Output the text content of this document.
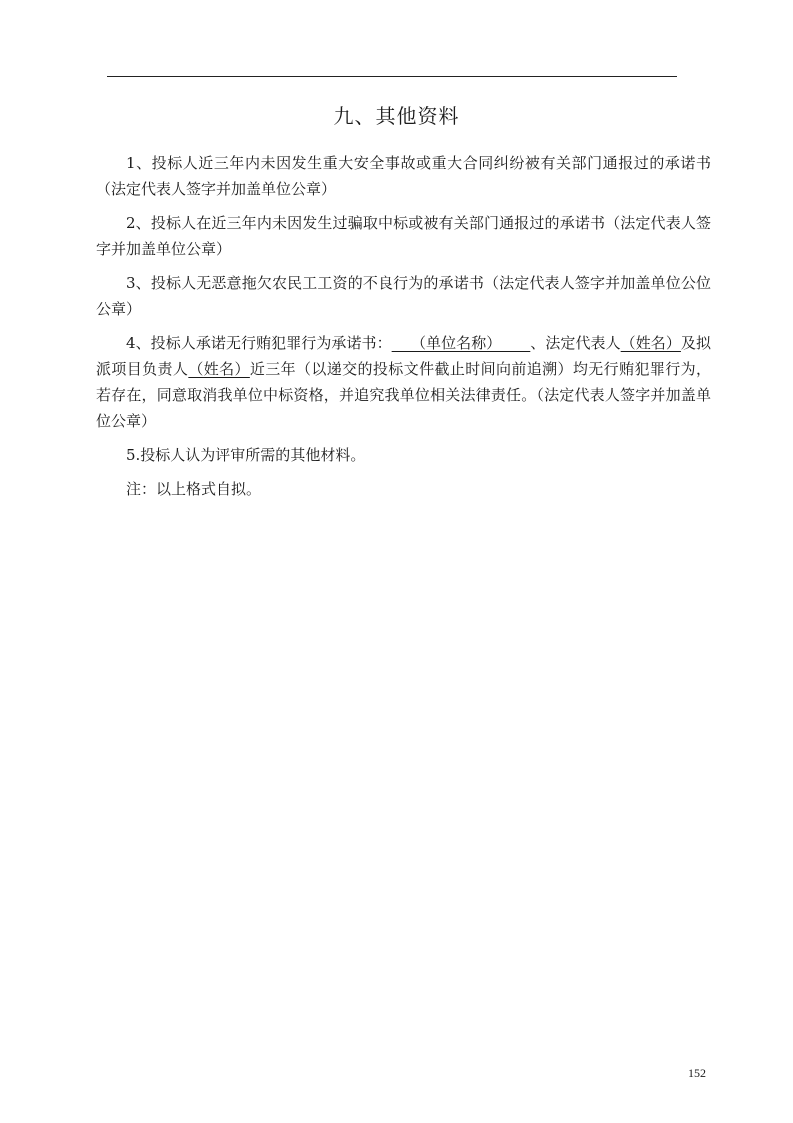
九、其他资料

1、投标人近三年内未因发生重大安全事故或重大合同纠纷被有关部门通报过的承诺书（法定代表人签字并加盖单位公章）

2、投标人在近三年内未因发生过骗取中标或被有关部门通报过的承诺书（法定代表人签字并加盖单位公章）

3、投标人无恶意拖欠农民工工资的不良行为的承诺书（法定代表人签字并加盖单位公位公章）

4、投标人承诺无行贿犯罪行为承诺书：    （单位名称）      、法定代表人（姓名）及拟派项目负责人（姓名）近三年（以递交的投标文件截止时间向前追溯）均无行贿犯罪行为，若存在，同意取消我单位中标资格，并追究我单位相关法律责任。（法定代表人签字并加盖单位公章）

5.投标人认为评审所需的其他材料。

注：以上格式自拟。

152
